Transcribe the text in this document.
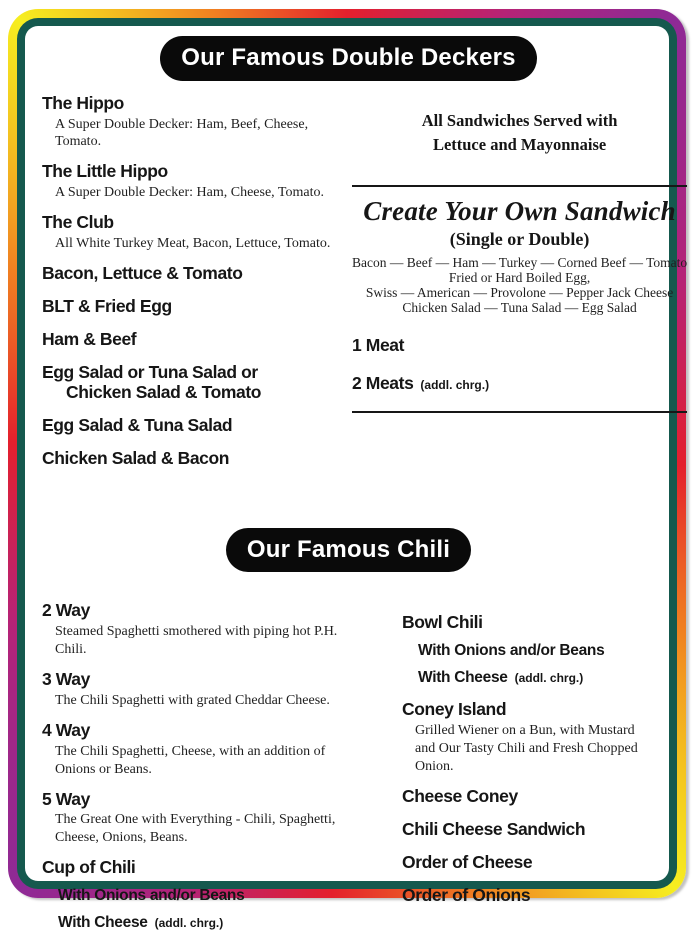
Our Famous Double Deckers
The Hippo
A Super Double Decker: Ham, Beef, Cheese, Tomato.
The Little Hippo
A Super Double Decker: Ham, Cheese, Tomato.
The Club
All White Turkey Meat, Bacon, Lettuce, Tomato.
Bacon, Lettuce & Tomato
BLT & Fried Egg
Ham & Beef
Egg Salad or Tuna Salad or
Chicken Salad & Tomato
Egg Salad & Tuna Salad
Chicken Salad & Bacon
All Sandwiches Served with
Lettuce and Mayonnaise
Create Your Own Sandwich
(Single or Double)
Bacon — Beef — Ham — Turkey — Corned Beef — Tomato
Fried or Hard Boiled Egg,
Swiss — American — Provolone — Pepper Jack Cheese
Chicken Salad — Tuna Salad — Egg Salad
1 Meat
2 Meats (addl. chrg.)
Our Famous Chili
2 Way
Steamed Spaghetti smothered with piping hot P.H. Chili.
3 Way
The Chili Spaghetti with grated Cheddar Cheese.
4 Way
The Chili Spaghetti, Cheese, with an addition of Onions or Beans.
5 Way
The Great One with Everything - Chili, Spaghetti, Cheese, Onions, Beans.
Cup of Chili
With Onions and/or Beans
With Cheese (addl. chrg.)
Bowl Chili
With Onions and/or Beans
With Cheese (addl. chrg.)
Coney Island
Grilled Wiener on a Bun, with Mustard and Our Tasty Chili and Fresh Chopped Onion.
Cheese Coney
Chili Cheese Sandwich
Order of Cheese
Order of Onions
